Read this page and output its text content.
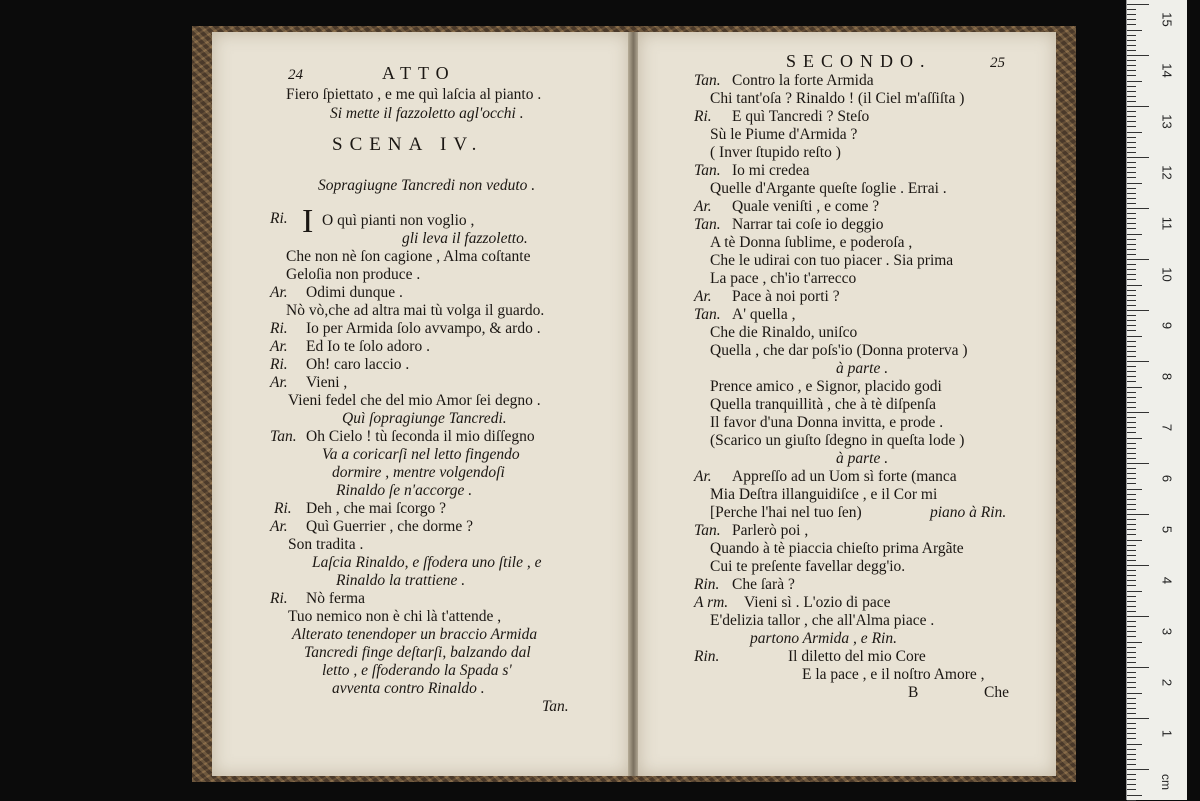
24	ATTO
Fiero ſpiettato , e me quì laſcia al pianto .
Si mette il fazzoletto agl'occhi .
SCENA IV.
Sopragiugne Tancredi non veduto .
Ri. I O quì pianti non voglio ,
gli leva il fazzoletto.
Che non nè ſon cagione , Alma coſtante
Geloſia non produce .
Ar. Odimi dunque .
Nò vò,che ad altra mai tù volga il guardo.
Ri. Io per Armida ſolo avvampo, & ardo .
Ar. Ed Io te ſolo adoro .
Ri. Oh! caro laccio .
Ar. Vieni ,
Vieni fedel che del mio Amor ſei degno .
Quì ſopragiunge Tancredi.
Tan. Oh Cielo ! tù ſeconda il mio diſſegno
Va a coricarſi nel letto fingendo
dormire , mentre volgendoſi
Rinaldo ſe n'accorge .
Ri. Deh , che mai ſcorgo ?
Ar. Quì Guerrier , che dorme ?
Son tradita .
Laſcia Rinaldo, e ſfodera uno ſtile , e
Rinaldo la trattiene .
Ri. Nò ferma
Tuo nemico non è chi là t'attende ,
Alterato tenendoper un braccio Armida
Tancredi finge deſtarſi, balzando dal
letto , e ſfoderando la Spada s'
avventa contro Rinaldo .
Tan.
SECONDO.	25
Tan. Contro la forte Armida
Chi tant'oſa ? Rinaldo ! (il Ciel m'aſſiſta )
Ri. E quì Tancredi ? Steſo
Sù le Piume d'Armida ?
( Inver ſtupido reſto )
Tan. Io mi credea
Quelle d'Argante queſte ſoglie . Errai .
Ar. Quale veniſti , e come ?
Tan. Narrar tai coſe io deggio
A tè Donna ſublime, e poderoſa ,
Che le udirai con tuo piacer . Sia prima
La pace , ch'io t'arrecco
Ar. Pace à noi porti ?
Tan. A' quella ,
Che die Rinaldo, uniſco
Quella , che dar poſs'io (Donna proterva )
à parte .
Prence amico , e Signor, placido godi
Quella tranquillità , che à tè diſpenſa
Il favor d'una Donna invitta, e prode .
(Scarico un giuſto ſdegno in queſta lode )
à parte .
Ar. Appreſſo ad un Uom sì forte (manca
Mia Deſtra illanguidiſce , e il Cor mi
[Perche l'hai nel tuo ſen)	piano à Rin.
Tan. Parlerò poi ,
Quando à tè piaccia chieſto prima Argãte
Cui te preſente favellar degg'io.
Rin. Che ſarà ?
A rm. Vieni sì . L'ozio di pace
E'delizia tallor , che all'Alma piace .
partono Armida , e Rin.
Rin.	Il diletto del mio Core
E la pace , e il noſtro Amore ,
B	Che
15
14
13
12
11
10
9
8
7
6
5
4
3
2
1
cm
